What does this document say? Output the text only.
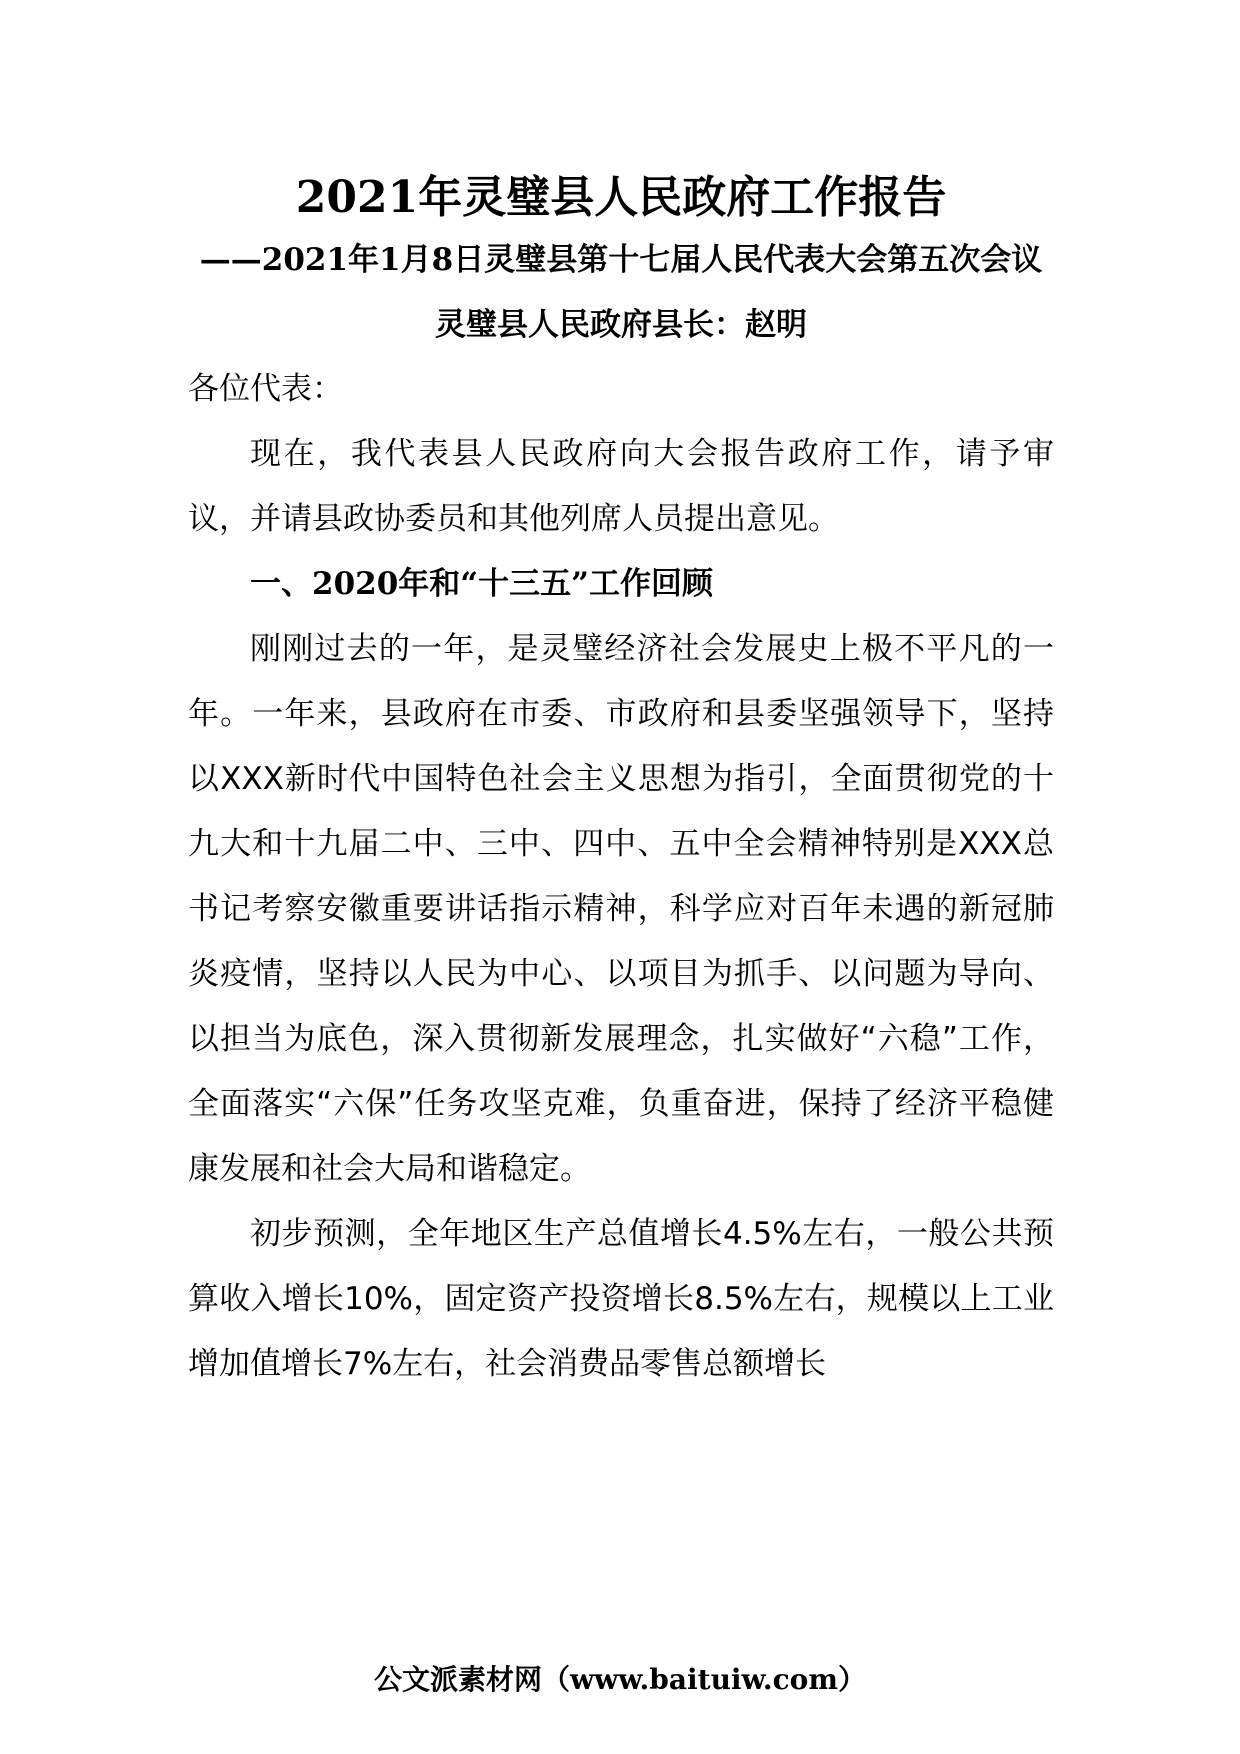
2021年灵璧县人民政府工作报告

——2021年1月8日灵璧县第十七届人民代表大会第五次会议

灵璧县人民政府县长：赵明

各位代表：

现在，我代表县人民政府向大会报告政府工作，请予审议，并请县政协委员和其他列席人员提出意见。

一、2020年和“十三五”工作回顾

刚刚过去的一年，是灵璧经济社会发展史上极不平凡的一年。一年来，县政府在市委、市政府和县委坚强领导下，坚持以XXX新时代中国特色社会主义思想为指引，全面贯彻党的十九大和十九届二中、三中、四中、五中全会精神特别是XXX总书记考察安徽重要讲话指示精神，科学应对百年未遇的新冠肺炎疫情，坚持以人民为中心、以项目为抓手、以问题为导向、以担当为底色，深入贯彻新发展理念，扎实做好“六稳”工作，全面落实“六保”任务攻坚克难，负重奋进，保持了经济平稳健康发展和社会大局和谐稳定。

初步预测，全年地区生产总值增长4.5%左右，一般公共预算收入增长10%，固定资产投资增长8.5%左右，规模以上工业增加值增长7%左右，社会消费品零售总额增长

公文派素材网（www.baituiw.com）
